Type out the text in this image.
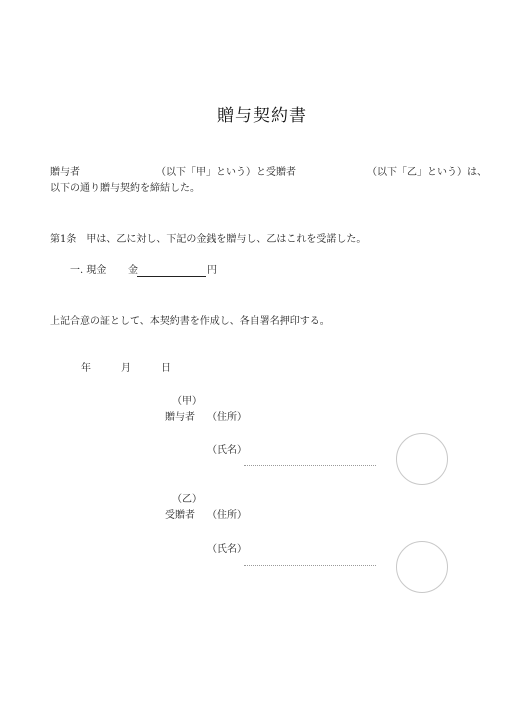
贈与契約書
贈与者	（以下「甲」という）と受贈者	（以下「乙」という）は、
以下の通り贈与契約を締結した。
第1条　甲は、乙に対し、下記の金銭を贈与し、乙はこれを受諾した。
一. 現金 金	円
上記合意の証として、本契約書を作成し、各自署名押印する。
年	月	日
（甲）
贈与者 （住所）
（氏名）
（乙）
受贈者 （住所）
（氏名）
